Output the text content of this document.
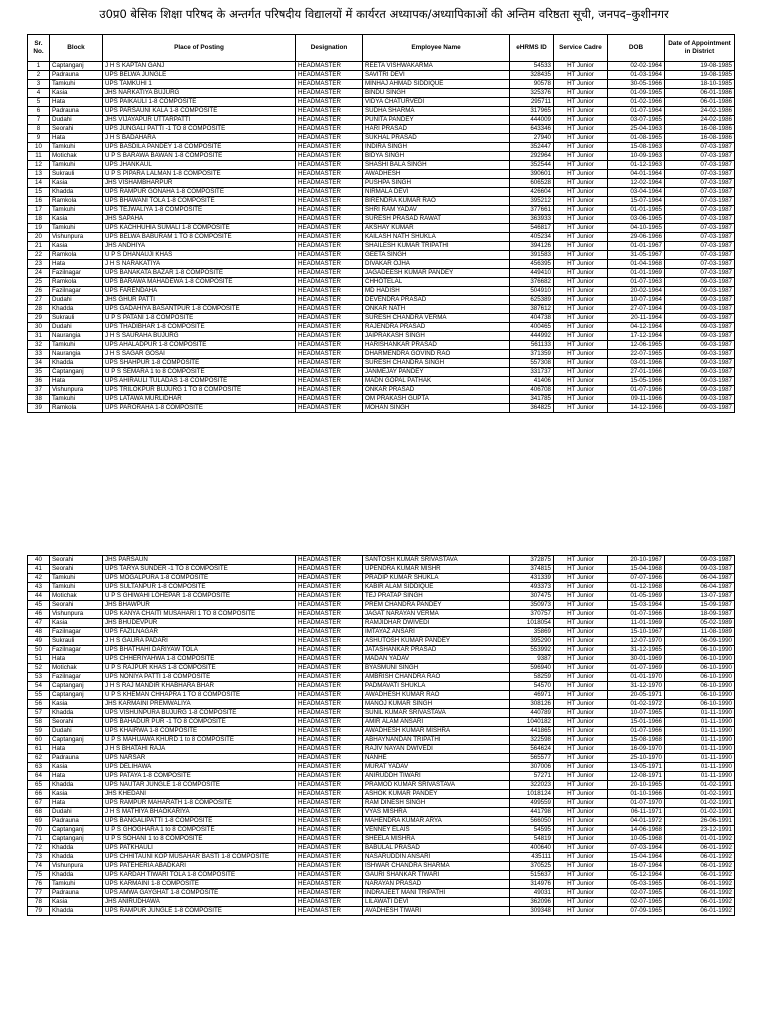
उ0प्र0 बेसिक शिक्षा परिषद के अन्तर्गत परिषदीय विद्यालयों में कार्यरत अध्यापक/अध्यापिकाओं की अन्तिम वरिष्ठता सूची, जनपद–कुशीनगर
Sr. No.	Block	Place of Posting	Designation	Employee Name	eHRMS ID	Service Cadre	DOB	Date of Appointment in District
1	Captanganj	J H S KAPTAN GANJ	HEADMASTER	REETA VISHWAKARMA	54533	HT Junior	02-02-1964	19-08-1985
2	Padrauna	UPS BELWA JUNGLE	HEADMASTER	SAVITRI DEVI	328435	HT Junior	01-03-1964	19-08-1985
3	Tamkuhi	UPS TAMKUHI 1	HEADMASTER	MINHAJ AHMAD SIDDIQUE	90578	HT Junior	30-05-1966	18-10-1985
4	Kasia	JHS NARKATIYA BUJURG	HEADMASTER	BINDU SINGH	325376	HT Junior	01-09-1965	06-01-1986
5	Hata	UPS PAIKAULI 1-8 COMPOSITE	HEADMASTER	VIDYA CHATURVEDI	295711	HT Junior	01-02-1966	06-01-1986
6	Padrauna	UPS PARSAUNI KALA 1-8 COMPOSITE	HEADMASTER	SUDHA SHARMA	317965	HT Junior	01-07-1964	24-02-1986
7	Dudahi	JHS VIJAYAPUR UTTARPATTI	HEADMASTER	PUNITA PANDEY	444009	HT Junior	03-07-1965	24-02-1986
8	Seorahi	UPS JUNGALI PATTI -1 TO 8 COMPOSITE	HEADMASTER	HARI PRASAD	643346	HT Junior	25-04-1963	16-08-1986
9	Hata	J H S BADAHARA	HEADMASTER	SUKHAL PRASAD	27940	HT Junior	01-08-1965	16-08-1986
10	Tamkuhi	UPS BASDILA PANDEY 1-8 COMPOSITE	HEADMASTER	INDIRA SINGH	352447	HT Junior	15-08-1963	07-03-1987
11	Motichak	U P S BARAWA BAWAN 1-8 COMPOSITE	HEADMASTER	BIDYA SINGH	292964	HT Junior	10-09-1963	07-03-1987
12	Tamkuhi	UPS JHANKAUL	HEADMASTER	SHASHI BALA SINGH	352544	HT Junior	01-12-1963	07-03-1987
13	Sukrauli	U P S PIPARA LALMAN 1-8 COMPOSITE	HEADMASTER	AWADHESH	390601	HT Junior	04-01-1964	07-03-1987
14	Kasia	JHS VISHAMBHARPUR	HEADMASTER	PUSHPA SINGH	606528	HT Junior	12-02-1964	07-03-1987
15	Khadda	UPS RAMPUR GONAHA 1-8 COMPOSITE	HEADMASTER	NIRMALA DEVI	426604	HT Junior	03-04-1964	07-03-1987
16	Ramkola	UPS BHAWANI TOLA 1-8 COMPOSITE	HEADMASTER	BIRENDRA KUMAR RAO	395212	HT Junior	15-07-1964	07-03-1987
17	Tamkuhi	UPS TEJWALIYA 1-8 COMPOSITE	HEADMASTER	SHRI RAM YADAV	377661	HT Junior	01-01-1965	07-03-1987
18	Kasia	JHS SAPAHA	HEADMASTER	SURESH PRASAD RAWAT	363933	HT Junior	03-06-1965	07-03-1987
19	Tamkuhi	UPS KACHHUHIA SUMALI 1-8 COMPOSITE	HEADMASTER	AKSHAY KUMAR	546817	HT Junior	04-10-1965	07-03-1987
20	Vishunpura	UPS BELWA BABURAM 1 TO 8 COMPOSITE	HEADMASTER	KAILASH NATH SHUKLA	405234	HT Junior	29-06-1966	07-03-1987
21	Kasia	JHS ANDHIYA	HEADMASTER	SHAILESH KUMAR TRIPATHI	394126	HT Junior	01-01-1967	07-03-1987
22	Ramkola	U P S DHANAUJI KHAS	HEADMASTER	GEETA SINGH	391583	HT Junior	31-05-1967	07-03-1987
23	Hata	J H S NARAKATIYA	HEADMASTER	DIVAKAR OJHA	456395	HT Junior	01-04-1968	07-03-1987
24	Fazilnagar	UPS BANAKATA BAZAR 1-8 COMPOSITE	HEADMASTER	JAGADEESH KUMAR PANDEY	449410	HT Junior	01-01-1969	07-03-1987
25	Ramkola	UPS BARAWA MAHADEWA 1-8 COMPOSITE	HEADMASTER	CHHOTELAL	376682	HT Junior	01-07-1963	09-03-1987
26	Fazilnagar	UPS FARENDAHA	HEADMASTER	MD HADISH	504910	HT Junior	20-02-1964	09-03-1987
27	Dudahi	JHS GHUR PATTI	HEADMASTER	DEVENDRA PRASAD	625389	HT Junior	10-07-1964	09-03-1987
28	Khadda	UPS GADAHIYA BASANTPUR 1-8 COMPOSITE	HEADMASTER	ONKAR NATH	387612	HT Junior	27-07-1964	09-03-1987
29	Sukrauli	U P S PATANI 1-8 COMPOSITE	HEADMASTER	SURESH CHANDRA VERMA	404738	HT Junior	20-11-1964	09-03-1987
30	Dudahi	UPS THADIBHAR 1-8 COMPOSITE	HEADMASTER	RAJENDRA PRASAD	400465	HT Junior	04-12-1964	09-03-1987
31	Naurangia	J H S SAURAHA BUJURG	HEADMASTER	JAIPRAKASH SINGH	444992	HT Junior	17-12-1964	09-03-1987
32	Tamkuhi	UPS AHALADPUR 1-8 COMPOSITE	HEADMASTER	HARISHANKAR PRASAD	561133	HT Junior	12-06-1965	09-03-1987
33	Naurangia	J H S SAGAR GOSAI	HEADMASTER	DHARMENDRA GOVIND RAO	371359	HT Junior	22-07-1965	09-03-1987
34	Khadda	UPS SHAHPUR 1-8 COMPOSITE	HEADMASTER	SURESH CHANDRA SINGH	557308	HT Junior	03-01-1966	09-03-1987
35	Captanganj	U P S SEMARA 1 to 8 COMPOSITE	HEADMASTER	JANMEJAY PANDEY	331737	HT Junior	27-01-1966	09-03-1987
36	Hata	UPS AHIRAULI TULADAS 1-8 COMPOSITE	HEADMASTER	MADN GOPAL PATHAK	41406	HT Junior	15-05-1966	09-03-1987
37	Vishunpura	UPS TRILOKPUR BUJURG 1 TO 8 COMPOSITE	HEADMASTER	ONKAR PRASAD	406708	HT Junior	01-07-1966	09-03-1987
38	Tamkuhi	UPS LATAWA MURLIDHAR	HEADMASTER	OM PRAKASH GUPTA	341785	HT Junior	09-11-1966	09-03-1987
39	Ramkola	UPS PARORAHA 1-8 COMPOSITE	HEADMASTER	MOHAN SINGH	364825	HT Junior	14-12-1966	09-03-1987
40	Seorahi	JHS PARSAUN	HEADMASTER	SANTOSH KUMAR SRIVASTAVA	372875	HT Junior	20-10-1967	09-03-1987
41	Seorahi	UPS TARYA SUNDER -1 TO 8 COMPOSITE	HEADMASTER	UPENDRA KUMAR MISHR	374815	HT Junior	15-04-1968	09-03-1987
42	Tamkuhi	UPS MOGALPURA 1-8 COMPOSITE	HEADMASTER	PRADIP KUMAR SHUKLA	431339	HT Junior	07-07-1966	06-04-1987
43	Tamkuhi	UPS SULTANPUR 1-8 COMPOSITE	HEADMASTER	KABIR ALAM SIDDIQUE	493373	HT Junior	01-12-1968	06-04-1987
44	Motichak	U P S GHIWAHI LOHEPAR 1-8 COMPOSITE	HEADMASTER	TEJ PRATAP SINGH	307475	HT Junior	01-05-1969	13-07-1987
45	Seorahi	JHS BHAWPUR	HEADMASTER	PREM CHANDRA PANDEY	350973	HT Junior	15-03-1964	15-09-1987
46	Vishunpura	UPS KANYA CHAITI MUSAHARI 1 TO 8 COMPOSITE	HEADMASTER	JAGAT NARAYAN VERMA	370757	HT Junior	01-07-1966	18-09-1987
47	Kasia	JHS BHUDEVPUR	HEADMASTER	RAMJIDHAR DWIVEDI	1018054	HT Junior	11-01-1969	05-02-1989
48	Fazilnagar	UPS FAZILNAGAR	HEADMASTER	IMTAYAZ ANSARI	35869	HT Junior	15-10-1967	11-08-1989
49	Sukrauli	J H S GAURA PADARI	HEADMASTER	ASHUTOSH KUMAR PANDEY	395290	HT Junior	12-07-1970	06-09-1990
50	Fazilnagar	UPS BHATHAHI DARIYAW TOLA	HEADMASTER	JATASHANKAR PRASAD	553992	HT Junior	31-12-1965	06-10-1990
51	Hata	UPS CHHERIYAHWA 1-8 COMPOSITE	HEADMASTER	MADAN YADAV	9387	HT Junior	30-01-1969	06-10-1990
52	Motichak	U P S RAJPUR KHAS 1-8 COMPOSITE	HEADMASTER	BYASMUNI SINGH	596940	HT Junior	01-07-1969	06-10-1990
53	Fazilnagar	UPS NONIYA PATTI 1-8 COMPOSITE	HEADMASTER	AMBRISH CHANDRA RAO	58259	HT Junior	01-01-1970	06-10-1990
54	Captanganj	J H S RAJ MANDIR KHABHARA BHAR	HEADMASTER	PADMAVATI SHUKLA	54570	HT Junior	31-12-1970	06-10-1990
55	Captanganj	U P S KHEMAN CHHAPRA 1 TO 8 COMPOSITE	HEADMASTER	AWADHESH KUMAR RAO	46971	HT Junior	20-05-1971	06-10-1990
56	Kasia	JHS KARMAINI PREMWALIYA	HEADMASTER	MANOJ KUMAR SINGH	308126	HT Junior	01-02-1972	06-10-1990
57	Khadda	UPS VISHUNPURA BUJURG 1-8 COMPOSITE	HEADMASTER	SUNIL KUMAR SRIVASTAVA	440789	HT Junior	10-07-1965	01-11-1990
58	Seorahi	UPS BAHADUR PUR -1 TO 8 COMPOSITE	HEADMASTER	AMIR ALAM ANSARI	1040182	HT Junior	15-01-1966	01-11-1990
59	Dudahi	UPS KHAIRWA 1-8 COMPOSITE	HEADMASTER	AWADHESH KUMAR MISHRA	441865	HT Junior	01-07-1966	01-11-1990
60	Captanganj	U P S MAHUAWA KHURD 1 to 8 COMPOSITE	HEADMASTER	ABHAYNANDAN TRIPATHI	322598	HT Junior	15-08-1968	01-11-1990
61	Hata	J H S BHATAHI RAJA	HEADMASTER	RAJIV NAYAN DWIVEDI	564624	HT Junior	16-09-1970	01-11-1990
62	Padrauna	UPS NARSAR	HEADMASTER	NANHE	565577	HT Junior	25-10-1970	01-11-1990
63	Kasia	UPS DELIHAWA	HEADMASTER	MURAT YADAV	307006	HT Junior	13-05-1971	01-11-1990
64	Hata	UPS PATAYA 1-8 COMPOSITE	HEADMASTER	ANIRUDDH TIWARI	57271	HT Junior	12-08-1971	01-11-1990
65	Khadda	UPS NAUTAR JUNGLE 1-8 COMPOSITE	HEADMASTER	PRAMOD KUMAR SRIVASTAVA	322023	HT Junior	20-10-1965	01-02-1991
66	Kasia	JHS KHEDANI	HEADMASTER	ASHOK KUMAR PANDEY	1018124	HT Junior	01-10-1966	01-02-1991
67	Hata	UPS RAMPUR MAHARATH 1-8 COMPOSITE	HEADMASTER	RAM DINESH SINGH	499559	HT Junior	01-07-1970	01-02-1991
68	Dudahi	J H S MATHIYA BHAOKARIYA	HEADMASTER	VYAS MISHRA	441798	HT Junior	06-11-1971	01-02-1991
69	Padrauna	UPS BANGALIPATTI 1-8 COMPOSITE	HEADMASTER	MAHENDRA KUMAR ARYA	566050	HT Junior	04-01-1972	26-06-1991
70	Captanganj	U P S GHOGHARA 1 to 8 COMPOSITE	HEADMASTER	VENNEY ELAIS	54595	HT Junior	14-06-1968	23-12-1991
71	Captanganj	U P S SOHANI 1 to 8 COMPOSITE	HEADMASTER	SHEELA MISHRA	54819	HT Junior	10-05-1968	01-01-1992
72	Khadda	UPS PATKHAULI	HEADMASTER	BABULAL PRASAD	400640	HT Junior	07-03-1964	06-01-1992
73	Khadda	UPS CHHITAUNI KOP MUSAHAR BASTI 1-8 COMPOSITE	HEADMASTER	NASARUDDIN ANSARI	435111	HT Junior	15-04-1964	06-01-1992
74	Vishunpura	UPS PATEHERIA ABADKARI	HEADMASTER	ISHWAR CHANDRA SHARMA	370525	HT Junior	16-07-1964	06-01-1992
75	Khadda	UPS KARDAH TIWARI TOLA 1-8 COMPOSITE	HEADMASTER	GAURI SHANKAR TIWARI	515637	HT Junior	05-12-1964	06-01-1992
76	Tamkuhi	UPS KARMAINI 1-8 COMPOSITE	HEADMASTER	NARAYAN PRASAD	314976	HT Junior	05-03-1965	06-01-1992
77	Padrauna	UPS AMWA GAYGHAT 1-8 COMPOSITE	HEADMASTER	INDRAJEET MANI TRIPATHI	49031	HT Junior	02-07-1965	06-01-1992
78	Kasia	JHS ANIRUDHAWA	HEADMASTER	LILAWATI DEVI	362096	HT Junior	02-07-1965	06-01-1992
79	Khadda	UPS RAMPUR JUNGLE 1-8 COMPOSITE	HEADMASTER	AVADHESH TIWARI	309348	HT Junior	07-09-1965	06-01-1992
